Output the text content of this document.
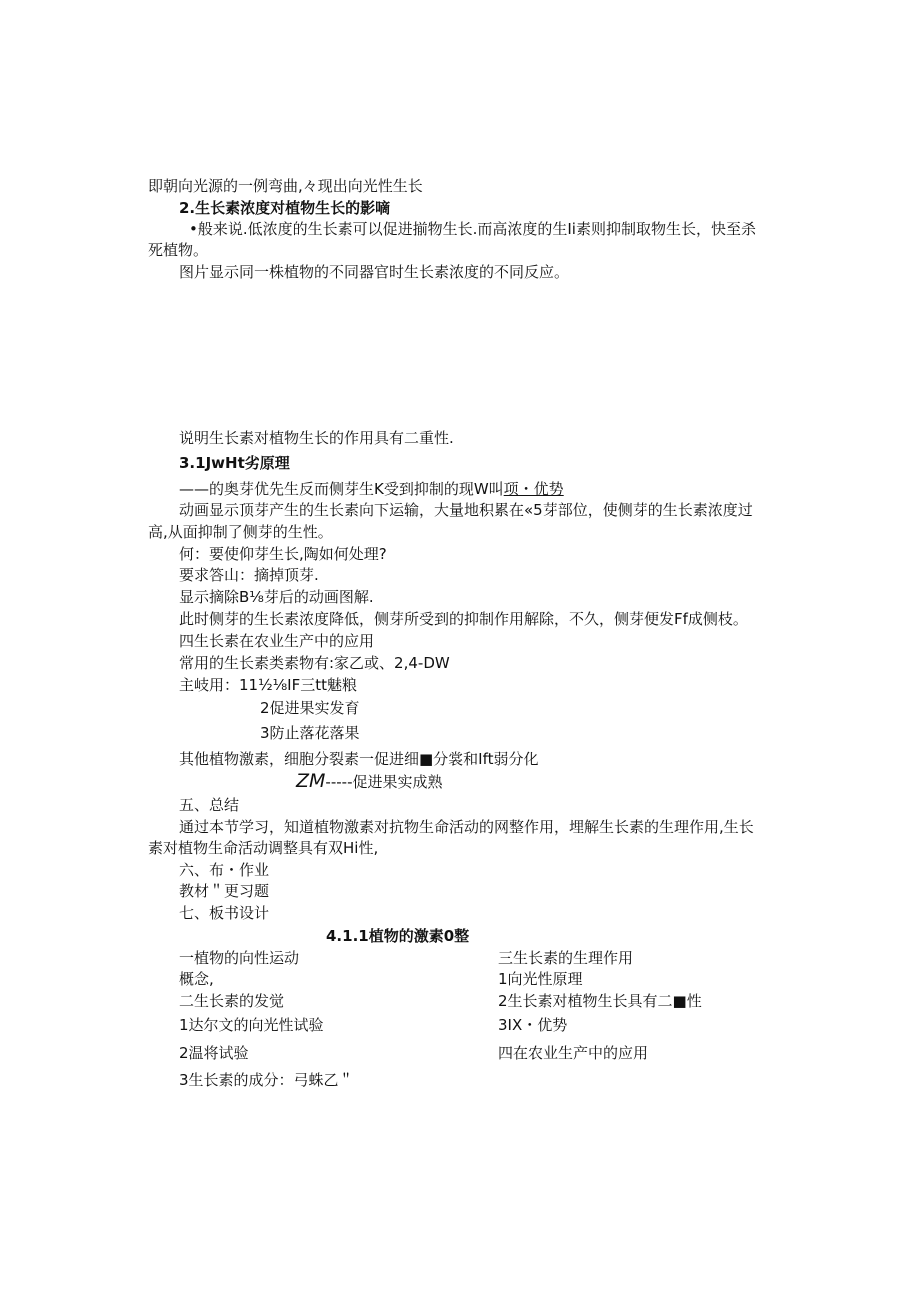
即朝向光源的一例弯曲,々现出向光性生长
2.生长素浓度对植物生长的影嘀
•般来说.低浓度的生长素可以促进揃物生长.而高浓度的生Ii素则抑制取物生长，快至杀
死植物。
图片显示同一株植物的不同器官时生长素浓度的不同反应。
说明生长素对植物生长的作用具有二重性.
3.1JwHt劣原理
——的奥芽优先生反而侧芽生K受到抑制的现W叫项・优势
动画显示顶芽产生的生长素向下运输，大量地积累在«5芽部位，使侧芽的生长素浓度过
高,从面抑制了侧芽的生性。
何：要使仰芽生长,陶如何处理?
要求答山：摘掉顶芽.
显示摘除B⅛芽后的动画图解.
此时侧芽的生长素浓度降低，侧芽所受到的抑制作用解除，不久，侧芽便发Ff成侧枝。
四生长素在农业生产中的应用
常用的生长素类素物有:家乙或、2,4-DW
主岐用：11½⅛IF三tt魅粮
2促进果实发育
3防止落花落果
其他植物激素，细胞分裂素一促进细■分裳和Ift弱分化
ZM-----促进果实成熟
五、总结
通过本节学习，知道植物激素对抗物生命活动的网整作用，埋解生长素的生理作用,生长
素对植物生命活动调整具有双Hi性,
六、布・作业
教材＂更习题
七、板书设计
4.1.1植物的激素0整
一植物的向性运动
概念,
二生长素的发觉
1达尔文的向光性试验
2温将试验
3生长素的成分：弓蛛乙＂
三生长素的生理作用
1向光性原理
2生长素对植物生长具有二■性
3IX・优势
四在农业生产中的应用
